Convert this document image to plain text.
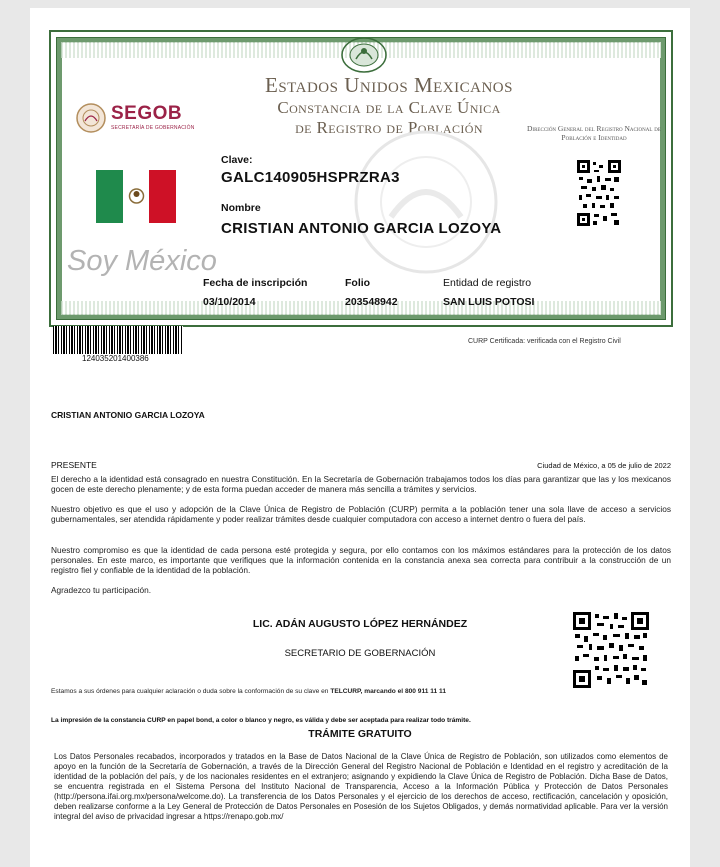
Estados Unidos Mexicanos
Constancia de la Clave Única
de Registro de Población
SEGOB
SECRETARÍA DE GOBERNACIÓN	Dirección General del Registro Nacional de Población e Identidad
Clave:
GALC140905HSPRZRA3
Nombre
CRISTIAN ANTONIO GARCIA LOZOYA
Soy México
Fecha de inscripción
03/10/2014
Folio
203548942
Entidad de registro
SAN LUIS POTOSI
124035201400386
CURP Certificada: verificada con el Registro Civil
CRISTIAN ANTONIO GARCIA LOZOYA
PRESENTE	Ciudad de México, a 05 de julio de 2022
El derecho a la identidad está consagrado en nuestra Constitución. En la Secretaría de Gobernación trabajamos todos los días para garantizar que las y los mexicanos gocen de este derecho plenamente; y de esta forma puedan acceder de manera más sencilla a trámites y servicios.
Nuestro objetivo es que el uso y adopción de la Clave Única de Registro de Población (CURP) permita a la población tener una sola llave de acceso a servicios gubernamentales, ser atendida rápidamente y poder realizar trámites desde cualquier computadora con acceso a internet dentro o fuera del país.
Nuestro compromiso es que la identidad de cada persona esté protegida y segura, por ello contamos con los máximos estándares para la protección de los datos personales. En este marco, es importante que verifiques que la información contenida en la constancia anexa sea correcta para contribuir a la construcción de un registro fiel y confiable de la identidad de la población.
Agradezco tu participación.
LIC. ADÁN AUGUSTO LÓPEZ HERNÁNDEZ
SECRETARIO DE GOBERNACIÓN
Estamos a sus órdenes para cualquier aclaración o duda sobre la conformación de su clave en TELCURP, marcando el 800 911 11 11
La impresión de la constancia CURP en papel bond, a color o blanco y negro, es válida y debe ser aceptada para realizar todo trámite.
TRÁMITE GRATUITO
Los Datos Personales recabados, incorporados y tratados en la Base de Datos Nacional de la Clave Única de Registro de Población, son utilizados como elementos de apoyo en la función de la Secretaría de Gobernación, a través de la Dirección General del Registro Nacional de Población e Identidad en el registro y acreditación de la identidad de la población del país, y de los nacionales residentes en el extranjero; asignando y expidiendo la Clave Única de Registro de Población. Dicha Base de Datos, se encuentra registrada en el Sistema Persona del Instituto Nacional de Transparencia, Acceso a la Información Pública y Protección de Datos Personales (http://persona.ifai.org.mx/persona/welcome.do). La transferencia de los Datos Personales y el ejercicio de los derechos de acceso, rectificación, cancelación y oposición, deben realizarse conforme a la Ley General de Protección de Datos Personales en Posesión de los Sujetos Obligados, y demás normatividad aplicable. Para ver la versión integral del aviso de privacidad ingresar a https://renapo.gob.mx/
